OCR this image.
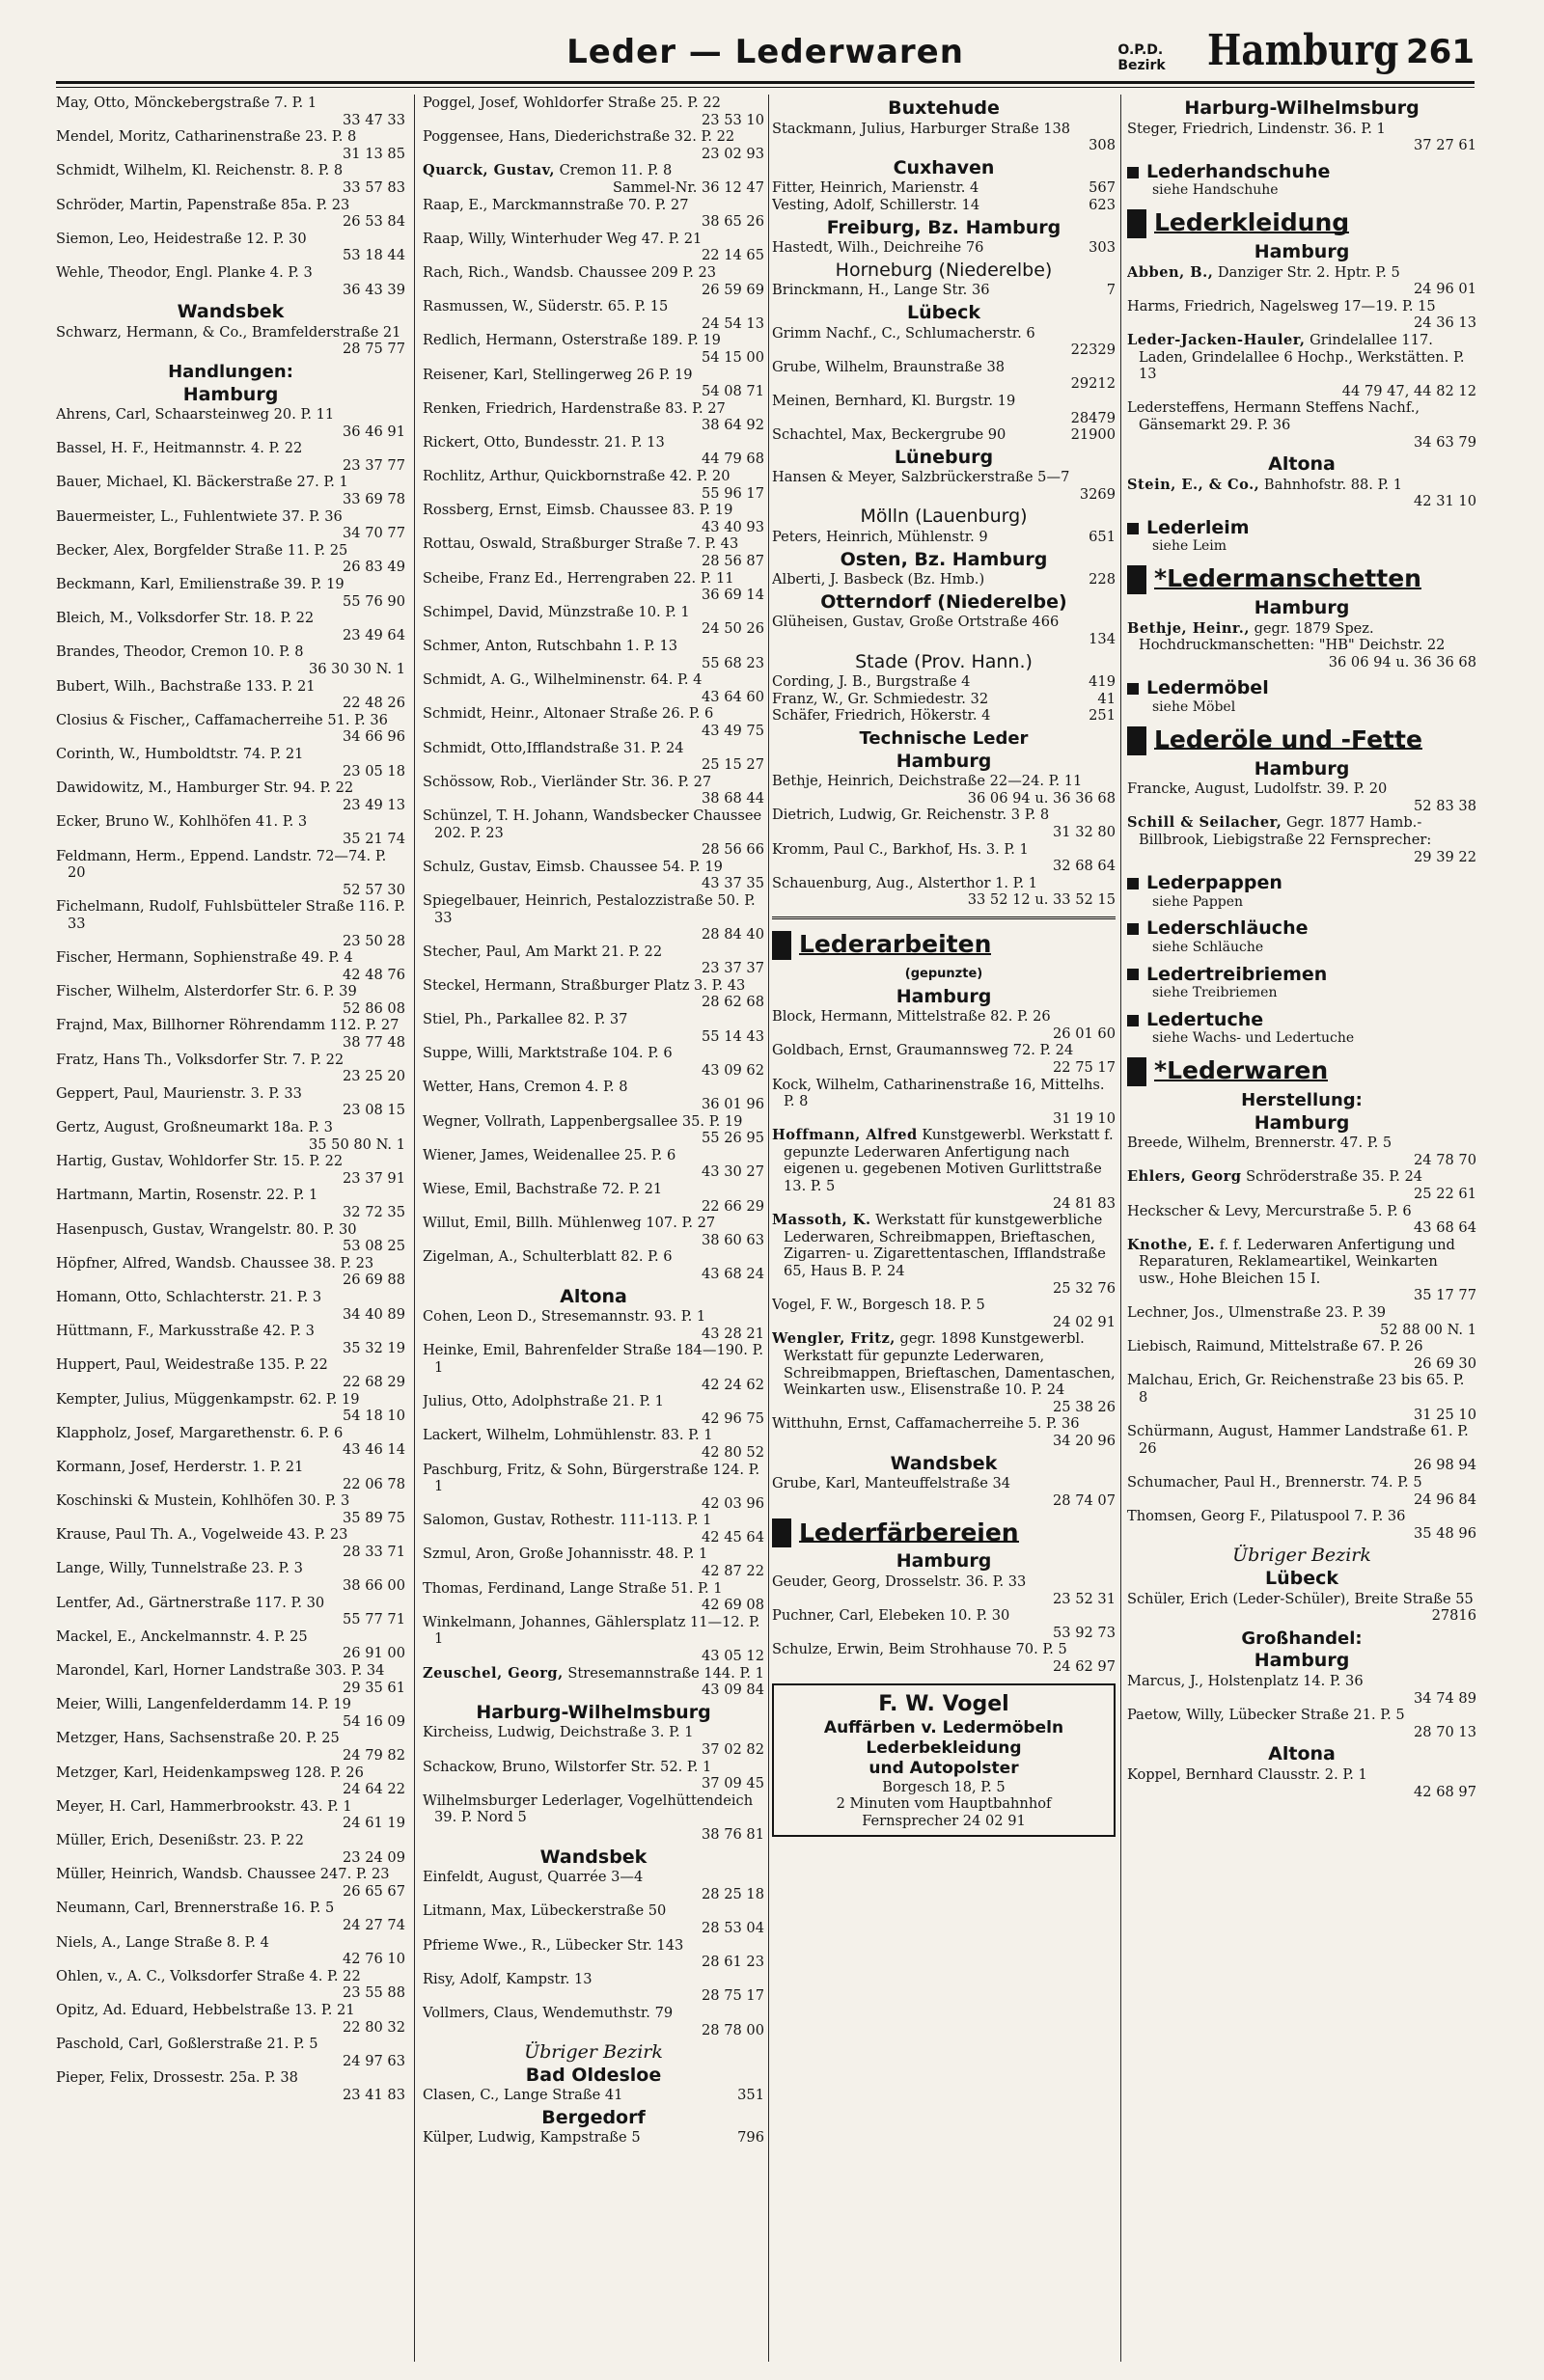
Leder — Lederwaren	O.P.D.
Bezirk Hamburg 261
May, Otto, Mönckebergstraße 7. P. 1
33 47 33
Mendel, Moritz, Catharinenstraße 23. P. 8
31 13 85
Schmidt, Wilhelm, Kl. Reichenstr. 8. P. 8
33 57 83
Schröder, Martin, Papenstraße 85a. P. 23
26 53 84
Siemon, Leo, Heidestraße 12. P. 30
53 18 44
Wehle, Theodor, Engl. Planke 4. P. 3
36 43 39
Wandsbek
Schwarz, Hermann, & Co., Bramfelderstraße 21
28 75 77
Handlungen:
Hamburg
Ahrens, Carl, Schaarsteinweg 20. P. 11
36 46 91
Bassel, H. F., Heitmannstr. 4. P. 22
23 37 77
Bauer, Michael, Kl. Bäckerstraße 27. P. 1
33 69 78
Bauermeister, L., Fuhlentwiete 37. P. 36
34 70 77
Becker, Alex, Borgfelder Straße 11. P. 25
26 83 49
Beckmann, Karl, Emilienstraße 39. P. 19
55 76 90
Bleich, M., Volksdorfer Str. 18. P. 22
23 49 64
Brandes, Theodor, Cremon 10. P. 8
36 30 30 N. 1
Bubert, Wilh., Bachstraße 133. P. 21
22 48 26
Closius & Fischer,, Caffamacherreihe 51. P. 36
34 66 96
Corinth, W., Humboldtstr. 74. P. 21
23 05 18
Dawidowitz, M., Hamburger Str. 94. P. 22
23 49 13
Ecker, Bruno W., Kohlhöfen 41. P. 3
35 21 74
Feldmann, Herm., Eppend. Landstr. 72—74. P. 20
52 57 30
Fichelmann, Rudolf, Fuhlsbütteler Straße 116. P. 33
23 50 28
Fischer, Hermann, Sophienstraße 49. P. 4
42 48 76
Fischer, Wilhelm, Alsterdorfer Str. 6. P. 39
52 86 08
Frajnd, Max, Billhorner Röhrendamm 112. P. 27
38 77 48
Fratz, Hans Th., Volksdorfer Str. 7. P. 22
23 25 20
Geppert, Paul, Maurienstr. 3. P. 33
23 08 15
Gertz, August, Großneumarkt 18a. P. 3
35 50 80 N. 1
Hartig, Gustav, Wohldorfer Str. 15. P. 22
23 37 91
Hartmann, Martin, Rosenstr. 22. P. 1
32 72 35
Hasenpusch, Gustav, Wrangelstr. 80. P. 30
53 08 25
Höpfner, Alfred, Wandsb. Chaussee 38. P. 23
26 69 88
Homann, Otto, Schlachterstr. 21. P. 3
34 40 89
Hüttmann, F., Markusstraße 42. P. 3
35 32 19
Huppert, Paul, Weidestraße 135. P. 22
22 68 29
Kempter, Julius, Müggenkampstr. 62. P. 19
54 18 10
Klappholz, Josef, Margarethenstr. 6. P. 6
43 46 14
Kormann, Josef, Herderstr. 1. P. 21
22 06 78
Koschinski & Mustein, Kohlhöfen 30. P. 3
35 89 75
Krause, Paul Th. A., Vogelweide 43. P. 23
28 33 71
Lange, Willy, Tunnelstraße 23. P. 3
38 66 00
Lentfer, Ad., Gärtnerstraße 117. P. 30
55 77 71
Mackel, E., Anckelmannstr. 4. P. 25
26 91 00
Marondel, Karl, Horner Landstraße 303. P. 34
29 35 61
Meier, Willi, Langenfelderdamm 14. P. 19
54 16 09
Metzger, Hans, Sachsenstraße 20. P. 25
24 79 82
Metzger, Karl, Heidenkampsweg 128. P. 26
24 64 22
Meyer, H. Carl, Hammerbrookstr. 43. P. 1
24 61 19
Müller, Erich, Desenißstr. 23. P. 22
23 24 09
Müller, Heinrich, Wandsb. Chaussee 247. P. 23
26 65 67
Neumann, Carl, Brennerstraße 16. P. 5
24 27 74
Niels, A., Lange Straße 8. P. 4
42 76 10
Ohlen, v., A. C., Volksdorfer Straße 4. P. 22
23 55 88
Opitz, Ad. Eduard, Hebbelstraße 13. P. 21
22 80 32
Paschold, Carl, Goßlerstraße 21. P. 5
24 97 63
Pieper, Felix, Drossestr. 25a. P. 38
23 41 83
Poggel, Josef, Wohldorfer Straße 25. P. 22
23 53 10
Poggensee, Hans, Diederichstraße 32. P. 22
23 02 93
Quarck, Gustav, Cremon 11. P. 8
Sammel-Nr. 36 12 47
Raap, E., Marckmannstraße 70. P. 27
38 65 26
Raap, Willy, Winterhuder Weg 47. P. 21
22 14 65
Rach, Rich., Wandsb. Chaussee 209 P. 23
26 59 69
Rasmussen, W., Süderstr. 65. P. 15
24 54 13
Redlich, Hermann, Osterstraße 189. P. 19
54 15 00
Reisener, Karl, Stellingerweg 26 P. 19
54 08 71
Renken, Friedrich, Hardenstraße 83. P. 27
38 64 92
Rickert, Otto, Bundesstr. 21. P. 13
44 79 68
Rochlitz, Arthur, Quickbornstraße 42. P. 20
55 96 17
Rossberg, Ernst, Eimsb. Chaussee 83. P. 19
43 40 93
Rottau, Oswald, Straßburger Straße 7. P. 43
28 56 87
Scheibe, Franz Ed., Herrengraben 22. P. 11
36 69 14
Schimpel, David, Münzstraße 10. P. 1
24 50 26
Schmer, Anton, Rutschbahn 1. P. 13
55 68 23
Schmidt, A. G., Wilhelminenstr. 64. P. 4
43 64 60
Schmidt, Heinr., Altonaer Straße 26. P. 6
43 49 75
Schmidt, Otto,Ifflandstraße 31. P. 24
25 15 27
Schössow, Rob., Vierländer Str. 36. P. 27
38 68 44
Schünzel, T. H. Johann, Wandsbecker Chaussee 202. P. 23
28 56 66
Schulz, Gustav, Eimsb. Chaussee 54. P. 19
43 37 35
Spiegelbauer, Heinrich, Pestalozzistraße 50. P. 33
28 84 40
Stecher, Paul, Am Markt 21. P. 22
23 37 37
Steckel, Hermann, Straßburger Platz 3. P. 43
28 62 68
Stiel, Ph., Parkallee 82. P. 37
55 14 43
Suppe, Willi, Marktstraße 104. P. 6
43 09 62
Wetter, Hans, Cremon 4. P. 8
36 01 96
Wegner, Vollrath, Lappenbergsallee 35. P. 19
55 26 95
Wiener, James, Weidenallee 25. P. 6
43 30 27
Wiese, Emil, Bachstraße 72. P. 21
22 66 29
Willut, Emil, Billh. Mühlenweg 107. P. 27
38 60 63
Zigelman, A., Schulterblatt 82. P. 6
43 68 24
Altona
Cohen, Leon D., Stresemannstr. 93. P. 1
43 28 21
Heinke, Emil, Bahrenfelder Straße 184—190. P. 1
42 24 62
Julius, Otto, Adolphstraße 21. P. 1
42 96 75
Lackert, Wilhelm, Lohmühlenstr. 83. P. 1
42 80 52
Paschburg, Fritz, & Sohn, Bürgerstraße 124. P. 1
42 03 96
Salomon, Gustav, Rothestr. 111-113. P. 1
42 45 64
Szmul, Aron, Große Johannisstr. 48. P. 1
42 87 22
Thomas, Ferdinand, Lange Straße 51. P. 1
42 69 08
Winkelmann, Johannes, Gählersplatz 11—12. P. 1
43 05 12
Zeuschel, Georg, Stresemannstraße 144. P. 1
43 09 84
Harburg-Wilhelmsburg
Kircheiss, Ludwig, Deichstraße 3. P. 1
37 02 82
Schackow, Bruno, Wilstorfer Str. 52. P. 1
37 09 45
Wilhelmsburger Lederlager, Vogelhüttendeich 39. P. Nord 5
38 76 81
Wandsbek
Einfeldt, August, Quarrée 3—4
28 25 18
Litmann, Max, Lübeckerstraße 50
28 53 04
Pfrieme Wwe., R., Lübecker Str. 143
28 61 23
Risy, Adolf, Kampstr. 13
28 75 17
Vollmers, Claus, Wendemuthstr. 79
28 78 00
Übriger Bezirk
Bad Oldesloe
Clasen, C., Lange Straße 41	351
Bergedorf
Külper, Ludwig, Kampstraße 5	796
Buxtehude
Stackmann, Julius, Harburger Straße 138
308
Cuxhaven
Fitter, Heinrich, Marienstr. 4	567
Vesting, Adolf, Schillerstr. 14	623
Freiburg, Bz. Hamburg
Hastedt, Wilh., Deichreihe 76	303
Horneburg (Niederelbe)
Brinckmann, H., Lange Str. 36	7
Lübeck
Grimm Nachf., C., Schlumacherstr. 6
22329
Grube, Wilhelm, Braunstraße 38
29212
Meinen, Bernhard, Kl. Burgstr. 19
28479
Schachtel, Max, Beckergrube 90	21900
Lüneburg
Hansen & Meyer, Salzbrückerstraße 5—7
3269
Mölln (Lauenburg)
Peters, Heinrich, Mühlenstr. 9	651
Osten, Bz. Hamburg
Alberti, J. Basbeck (Bz. Hmb.)	228
Otterndorf (Niederelbe)
Glüheisen, Gustav, Große Ortstraße 466
134
Stade (Prov. Hann.)
Cording, J. B., Burgstraße 4	419
Franz, W., Gr. Schmiedestr. 32	41
Schäfer, Friedrich, Hökerstr. 4	251
Technische Leder
Hamburg
Bethje, Heinrich, Deichstraße 22—24. P. 11
36 06 94 u. 36 36 68
Dietrich, Ludwig, Gr. Reichenstr. 3 P. 8
31 32 80
Kromm, Paul C., Barkhof, Hs. 3. P. 1
32 68 64
Schauenburg, Aug., Alsterthor 1. P. 1
33 52 12 u. 33 52 15
Lederarbeiten
(gepunzte)
Hamburg
Block, Hermann, Mittelstraße 82. P. 26
26 01 60
Goldbach, Ernst, Graumannsweg 72. P. 24
22 75 17
Kock, Wilhelm, Catharinenstraße 16, Mittelhs. P. 8
31 19 10
Hoffmann, Alfred Kunstgewerbl. Werkstatt f. gepunzte Lederwaren Anfertigung nach eigenen u. gegebenen Motiven Gurlittstraße 13. P. 5
24 81 83
Massoth, K. Werkstatt für kunstgewerbliche Lederwaren, Schreibmappen, Brieftaschen, Zigarren- u. Zigarettentaschen, Ifflandstraße 65, Haus B. P. 24
25 32 76
Vogel, F. W., Borgesch 18. P. 5
24 02 91
Wengler, Fritz, gegr. 1898 Kunstgewerbl. Werkstatt für gepunzte Lederwaren, Schreibmappen, Brieftaschen, Damentaschen, Weinkarten usw., Elisenstraße 10. P. 24
25 38 26
Witthuhn, Ernst, Caffamacherreihe 5. P. 36
34 20 96
Wandsbek
Grube, Karl, Manteuffelstraße 34
28 74 07
Lederfärbereien
Hamburg
Geuder, Georg, Drosselstr. 36. P. 33
23 52 31
Puchner, Carl, Elebeken 10. P. 30
53 92 73
Schulze, Erwin, Beim Strohhause 70. P. 5
24 62 97
F. W. Vogel
Auffärben v. Ledermöbeln
Lederbekleidung
und Autopolster
Borgesch 18, P. 5
2 Minuten vom Hauptbahnhof
Fernsprecher 24 02 91
Harburg-Wilhelmsburg
Steger, Friedrich, Lindenstr. 36. P. 1
37 27 61
Lederhandschuhe
siehe Handschuhe
Lederkleidung
Hamburg
Abben, B., Danziger Str. 2. Hptr. P. 5
24 96 01
Harms, Friedrich, Nagelsweg 17—19. P. 15
24 36 13
Leder-Jacken-Hauler, Grindelallee 117. Laden, Grindelallee 6 Hochp., Werkstätten. P. 13
44 79 47, 44 82 12
Ledersteffens, Hermann Steffens Nachf., Gänsemarkt 29. P. 36
34 63 79
Altona
Stein, E., & Co., Bahnhofstr. 88. P. 1
42 31 10
Lederleim
siehe Leim
*Ledermanschetten
Hamburg
Bethje, Heinr., gegr. 1879 Spez. Hochdruckmanschetten: "HB" Deichstr. 22
36 06 94 u. 36 36 68
Ledermöbel
siehe Möbel
Lederöle und -Fette
Hamburg
Francke, August, Ludolfstr. 39. P. 20
52 83 38
Schill & Seilacher, Gegr. 1877 Hamb.-Billbrook, Liebigstraße 22 Fernsprecher:
29 39 22
Lederpappen
siehe Pappen
Lederschläuche
siehe Schläuche
Ledertreibriemen
siehe Treibriemen
Ledertuche
siehe Wachs- und Ledertuche
*Lederwaren
Herstellung:
Hamburg
Breede, Wilhelm, Brennerstr. 47. P. 5
24 78 70
Ehlers, Georg Schröderstraße 35. P. 24
25 22 61
Heckscher & Levy, Mercurstraße 5. P. 6
43 68 64
Knothe, E. f. f. Lederwaren Anfertigung und Reparaturen, Reklameartikel, Weinkarten usw., Hohe Bleichen 15 I.
35 17 77
Lechner, Jos., Ulmenstraße 23. P. 39
52 88 00 N. 1
Liebisch, Raimund, Mittelstraße 67. P. 26
26 69 30
Malchau, Erich, Gr. Reichenstraße 23 bis 65. P. 8
31 25 10
Schürmann, August, Hammer Landstraße 61. P. 26
26 98 94
Schumacher, Paul H., Brennerstr. 74. P. 5
24 96 84
Thomsen, Georg F., Pilatuspool 7. P. 36
35 48 96
Übriger Bezirk
Lübeck
Schüler, Erich (Leder-Schüler), Breite Straße 55
27816
Großhandel:
Hamburg
Marcus, J., Holstenplatz 14. P. 36
34 74 89
Paetow, Willy, Lübecker Straße 21. P. 5
28 70 13
Altona
Koppel, Bernhard Clausstr. 2. P. 1
42 68 97
